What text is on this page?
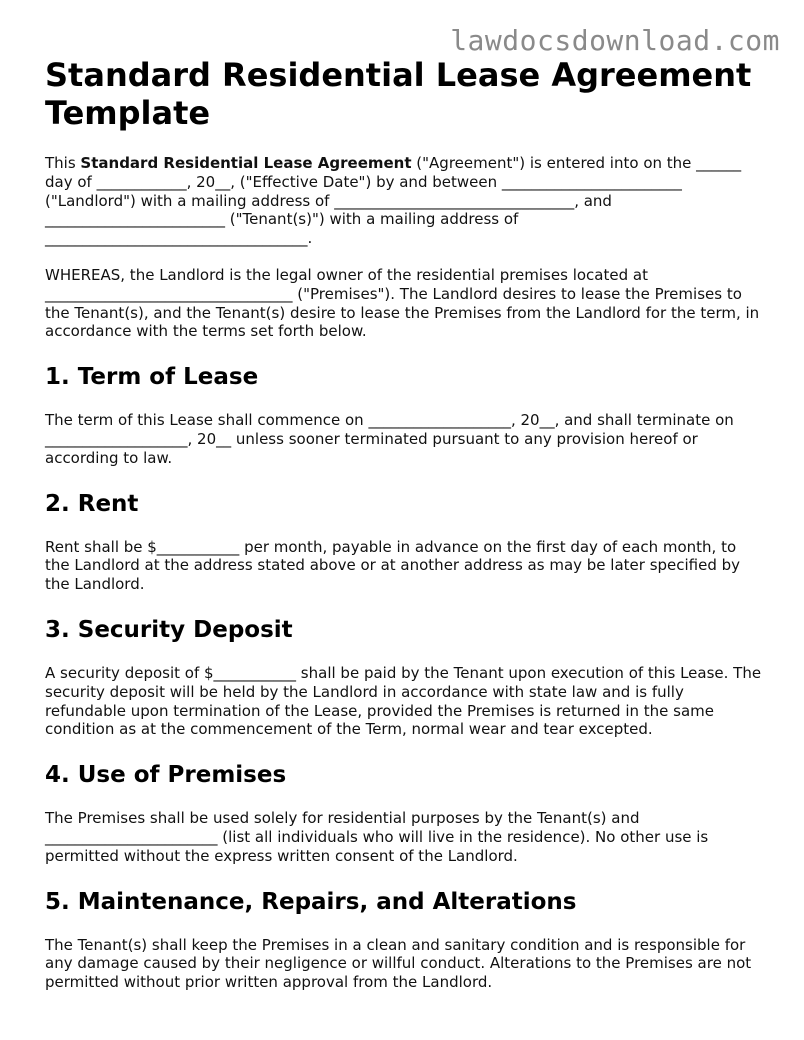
lawdocsdownload.com
Standard Residential Lease Agreement Template

This Standard Residential Lease Agreement ("Agreement") is entered into on the ______ day of ____________, 20__, ("Effective Date") by and between ________________________ ("Landlord") with a mailing address of ________________________________, and ________________________ ("Tenant(s)") with a mailing address of ___________________________________.

WHEREAS, the Landlord is the legal owner of the residential premises located at _________________________________ ("Premises"). The Landlord desires to lease the Premises to the Tenant(s), and the Tenant(s) desire to lease the Premises from the Landlord for the term, in accordance with the terms set forth below.

1. Term of Lease

The term of this Lease shall commence on ___________________, 20__, and shall terminate on ___________________, 20__ unless sooner terminated pursuant to any provision hereof or according to law.

2. Rent

Rent shall be $___________ per month, payable in advance on the first day of each month, to the Landlord at the address stated above or at another address as may be later specified by the Landlord.

3. Security Deposit

A security deposit of $___________ shall be paid by the Tenant upon execution of this Lease. The security deposit will be held by the Landlord in accordance with state law and is fully refundable upon termination of the Lease, provided the Premises is returned in the same condition as at the commencement of the Term, normal wear and tear excepted.

4. Use of Premises

The Premises shall be used solely for residential purposes by the Tenant(s) and _______________________ (list all individuals who will live in the residence). No other use is permitted without the express written consent of the Landlord.

5. Maintenance, Repairs, and Alterations

The Tenant(s) shall keep the Premises in a clean and sanitary condition and is responsible for any damage caused by their negligence or willful conduct. Alterations to the Premises are not permitted without prior written approval from the Landlord.
